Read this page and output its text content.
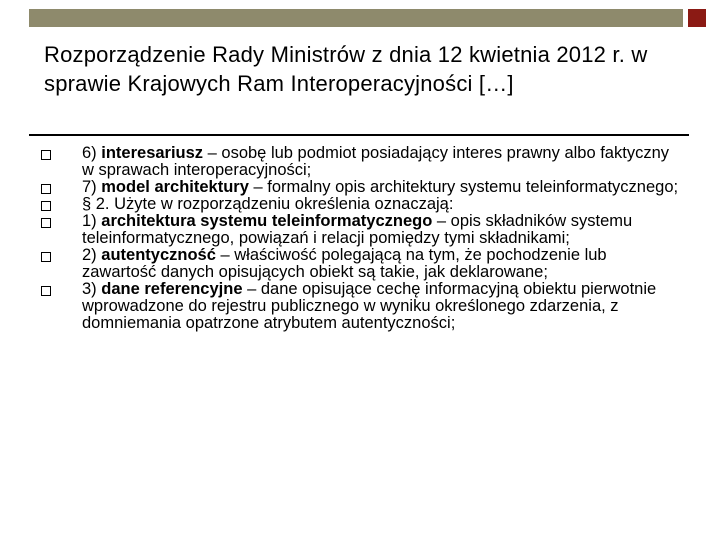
Rozporządzenie Rady Ministrów z dnia 12 kwietnia 2012 r. w sprawie Krajowych Ram Interoperacyjności […]
6) interesariusz – osobę lub podmiot posiadający interes prawny albo faktyczny w sprawach interoperacyjności;
7) model architektury – formalny opis architektury systemu teleinformatycznego;
§ 2. Użyte w rozporządzeniu określenia oznaczają:
1) architektura systemu teleinformatycznego – opis składników systemu teleinformatycznego, powiązań i relacji pomiędzy tymi składnikami;
2) autentyczność – właściwość polegającą na tym, że pochodzenie lub zawartość danych opisujących obiekt są takie, jak deklarowane;
3) dane referencyjne – dane opisujące cechę informacyjną obiektu pierwotnie wprowadzone do rejestru publicznego w wyniku określonego zdarzenia, z domniemania opatrzone atrybutem autentyczności;
